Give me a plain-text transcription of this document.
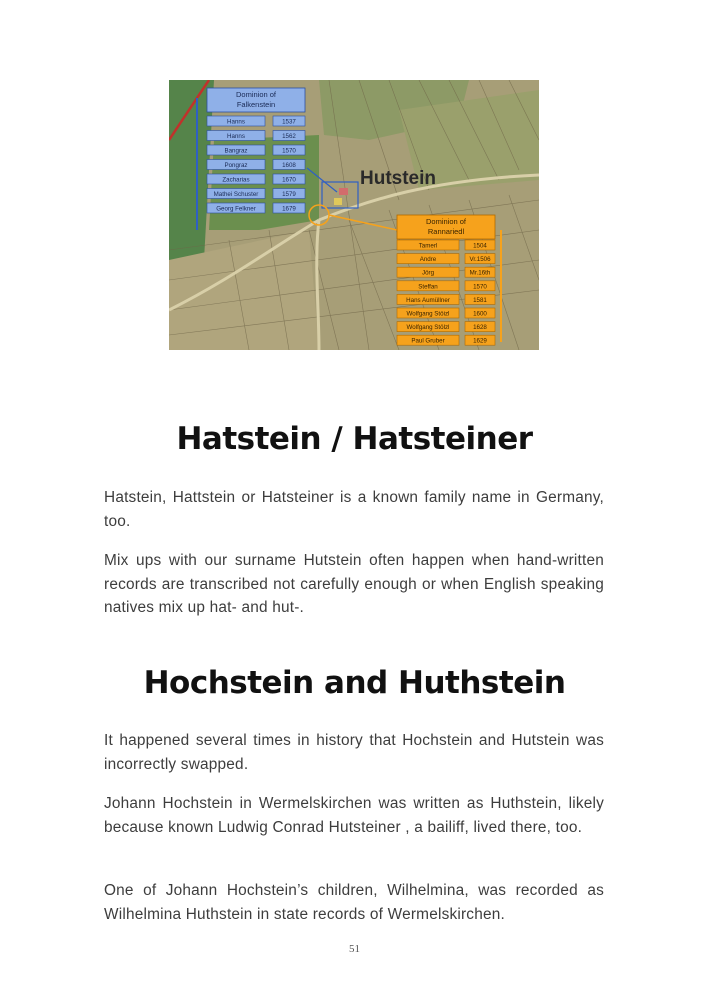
Hutstein
Dominion of
Falkenstein
Hanns	1537
Hanns	1562
Bangraz	1570
Pongraz	1608
Zacharias	1670
Mathei Schuster	1579
Georg Felkner	1679
Dominion of
Rannariedl
Tamerl	1504
Andre	Vr.1506
Jörg	Mr.16th
Steffan	1570
Hans Aumüllner	1581
Wolfgang Stöizl	1600
Wolfgang Stölzl	1628
Paul Gruber	1629
Hatstein / Hatsteiner

Hatstein, Hattstein or Hatsteiner is a known family name in Germany, too.

Mix ups with our surname Hutstein often happen when hand-written records are transcribed not carefully enough or when English speaking natives mix up hat- and hut-.

Hochstein and Huthstein

It happened several times in history that Hochstein and Hutstein was incorrectly swapped.

Johann Hochstein in Wermelskirchen was written as Huthstein, likely because known Ludwig Conrad Hutsteiner , a bailiff, lived there, too.

One of Johann Hochstein’s children, Wilhelmina, was recorded as Wilhelmina Huthstein in state records of Wermelskirchen.

51
